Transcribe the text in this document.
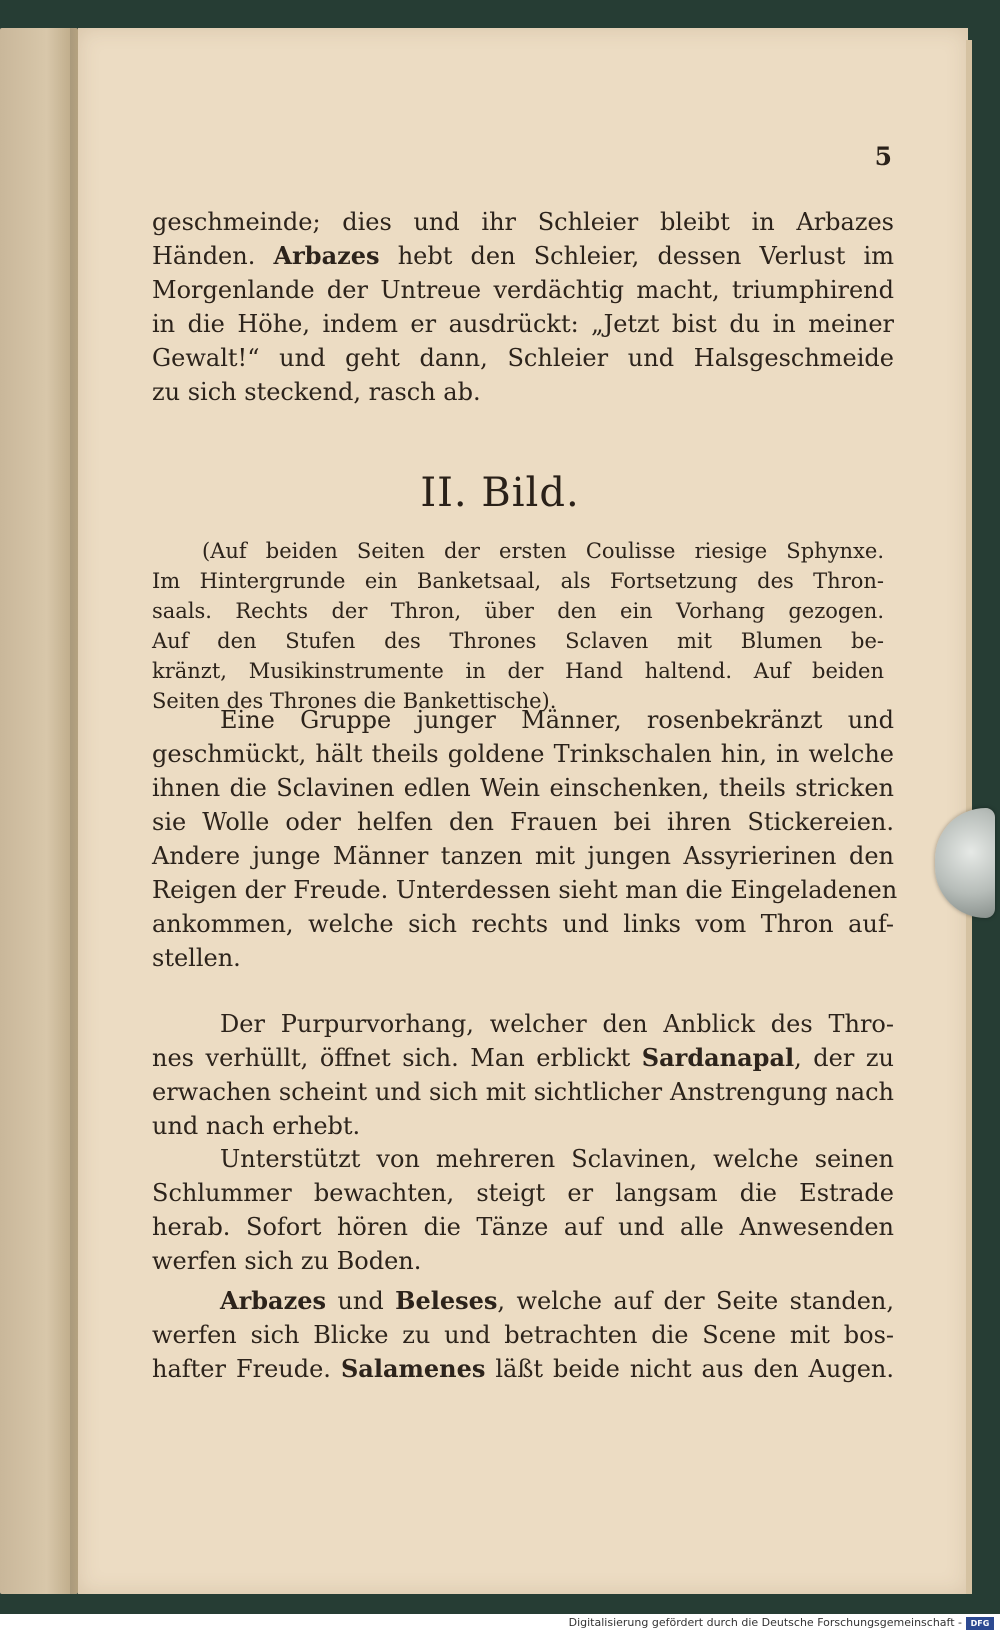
5
geschmeinde; dies und ihr Schleier bleibt in Arbazes
Händen. Arbazes hebt den Schleier, dessen Verlust im
Morgenlande der Untreue verdächtig macht, triumphirend
in die Höhe, indem er ausdrückt: „Jetzt bist du in meiner
Gewalt!“ und geht dann, Schleier und Halsgeschmeide
zu sich steckend, rasch ab.
II. Bild.
(Auf beiden Seiten der ersten Coulisse riesige Sphynxe.
Im Hintergrunde ein Banketsaal, als Fortsetzung des Thron-
saals. Rechts der Thron, über den ein Vorhang gezogen.
Auf den Stufen des Thrones Sclaven mit Blumen be-
kränzt, Musikinstrumente in der Hand haltend. Auf beiden
Seiten des Thrones die Bankettische).
Eine Gruppe junger Männer, rosenbekränzt und
geschmückt, hält theils goldene Trinkschalen hin, in welche
ihnen die Sclavinen edlen Wein einschenken, theils stricken
sie Wolle oder helfen den Frauen bei ihren Stickereien.
Andere junge Männer tanzen mit jungen Assyrierinen den
Reigen der Freude. Unterdessen sieht man die Eingeladenen
ankommen, welche sich rechts und links vom Thron auf-
stellen.
Der Purpurvorhang, welcher den Anblick des Thro-
nes verhüllt, öffnet sich. Man erblickt Sardanapal, der zu
erwachen scheint und sich mit sichtlicher Anstrengung nach
und nach erhebt.
Unterstützt von mehreren Sclavinen, welche seinen
Schlummer bewachten, steigt er langsam die Estrade
herab. Sofort hören die Tänze auf und alle Anwesenden
werfen sich zu Boden.
Arbazes und Beleses, welche auf der Seite standen,
werfen sich Blicke zu und betrachten die Scene mit bos-
hafter Freude. Salamenes läßt beide nicht aus den Augen.
Digitalisierung gefördert durch die Deutsche Forschungsgemeinschaft -	DFG
